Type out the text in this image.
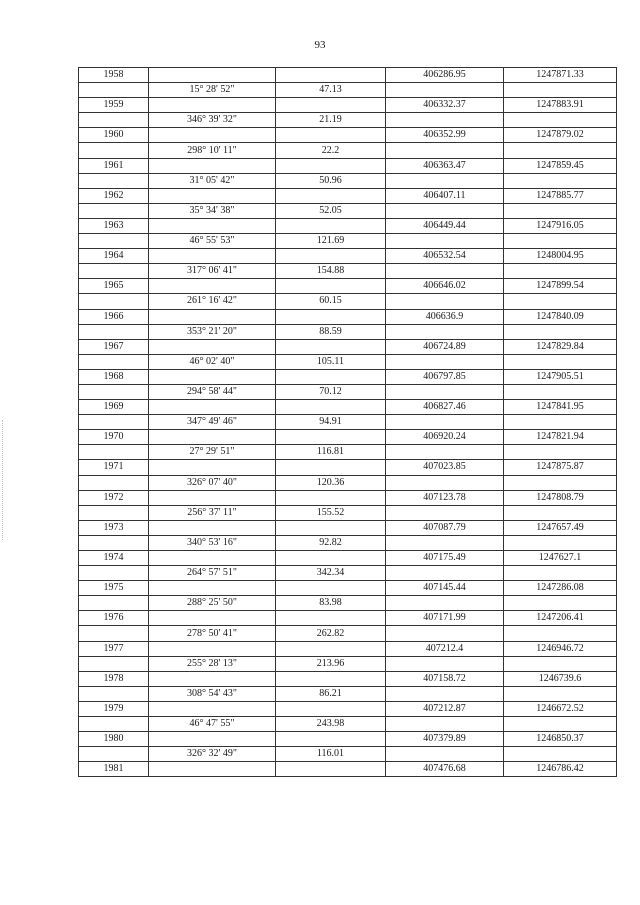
93
1958			406286.95	1247871.33
	15° 28' 52"	47.13		
1959			406332.37	1247883.91
	346° 39' 32"	21.19		
1960			406352.99	1247879.02
	298° 10' 11"	22.2		
1961			406363.47	1247859.45
	31° 05' 42"	50.96		
1962			406407.11	1247885.77
	35° 34' 38"	52.05		
1963			406449.44	1247916.05
	46° 55' 53"	121.69		
1964			406532.54	1248004.95
	317° 06' 41"	154.88		
1965			406646.02	1247899.54
	261° 16' 42"	60.15		
1966			406636.9	1247840.09
	353° 21' 20"	88.59		
1967			406724.89	1247829.84
	46° 02' 40"	105.11		
1968			406797.85	1247905.51
	294° 58' 44"	70.12		
1969			406827.46	1247841.95
	347° 49' 46"	94.91		
1970			406920.24	1247821.94
	27° 29' 51"	116.81		
1971			407023.85	1247875.87
	326° 07' 40"	120.36		
1972			407123.78	1247808.79
	256° 37' 11"	155.52		
1973			407087.79	1247657.49
	340° 53' 16"	92.82		
1974			407175.49	1247627.1
	264° 57' 51"	342.34		
1975			407145.44	1247286.08
	288° 25' 50"	83.98		
1976			407171.99	1247206.41
	278° 50' 41"	262.82		
1977			407212.4	1246946.72
	255° 28' 13"	213.96		
1978			407158.72	1246739.6
	308° 54' 43"	86.21		
1979			407212.87	1246672.52
	46° 47' 55"	243.98		
1980			407379.89	1246850.37
	326° 32' 49"	116.01		
1981			407476.68	1246786.42
